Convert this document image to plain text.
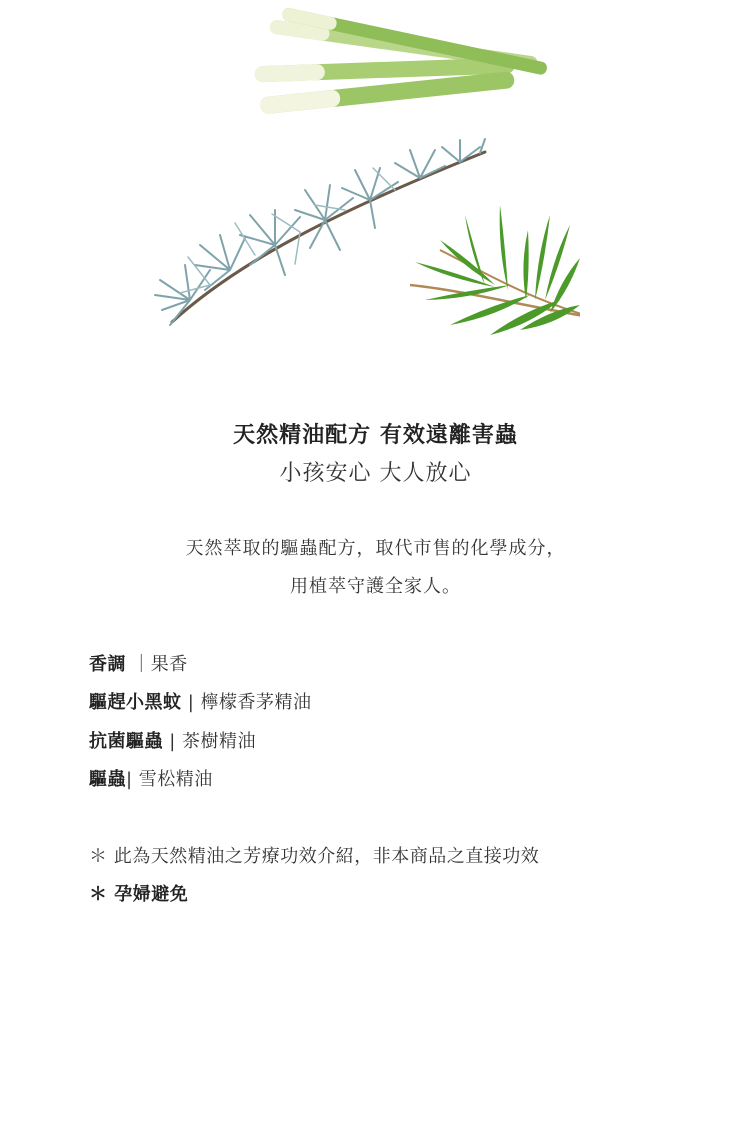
天然精油配方 有效遠離害蟲
小孩安心 大人放心
天然萃取的驅蟲配方，取代市售的化學成分，
用植萃守護全家人。
香調 ｜果香
驅趕小黑蚊 | 檸檬香茅精油
抗菌驅蟲 | 茶樹精油
驅蟲| 雪松精油
＊ 此為天然精油之芳療功效介紹，非本商品之直接功效
＊ 孕婦避免
